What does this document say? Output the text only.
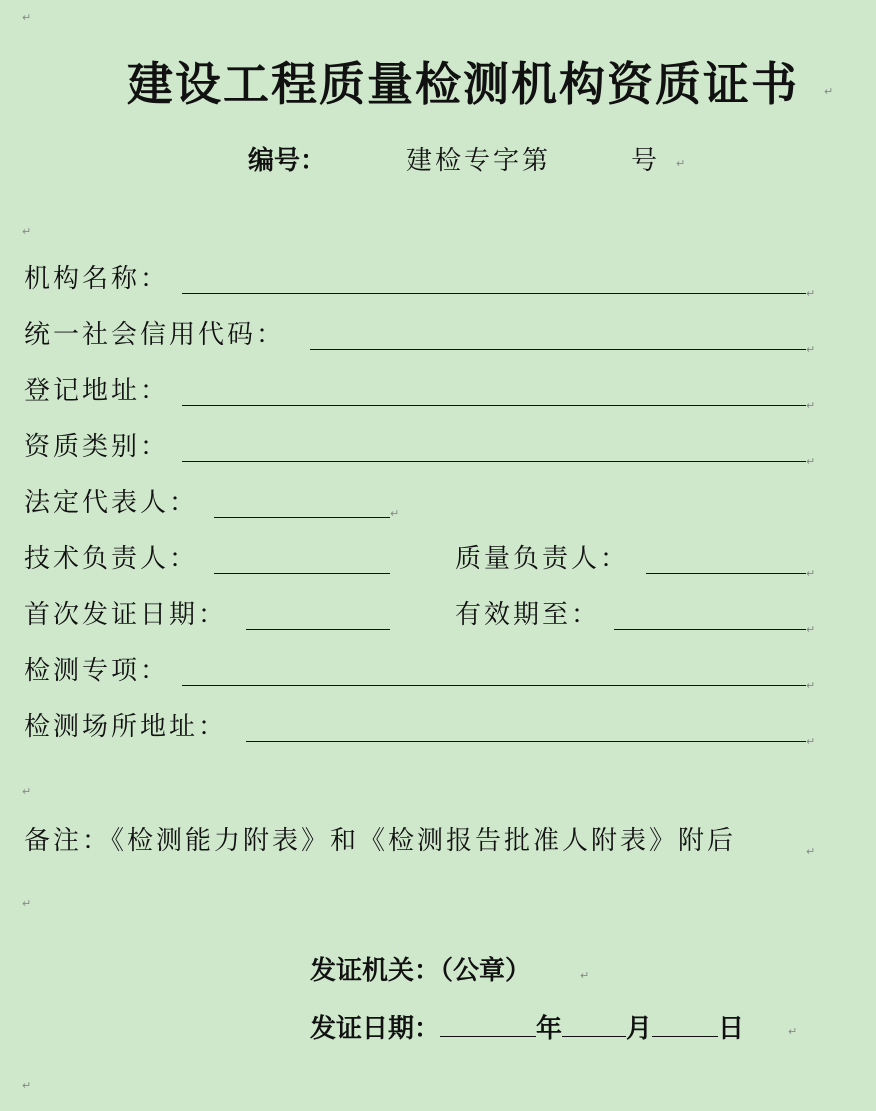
↵
↵
↵
↵
↵
↵
↵
↵
↵
↵
↵
↵
↵
↵
↵
↵
↵
↵
↵
建设工程质量检测机构资质证书
编号：	建检专字第	号
机构名称：
统一社会信用代码：
登记地址：
资质类别：
法定代表人：
技术负责人：	质量负责人：
首次发证日期：	有效期至：
检测专项：
检测场所地址：
备注：《检测能力附表》和《检测报告批准人附表》附后
发证机关：（公章）
发证日期：	年 月	日
